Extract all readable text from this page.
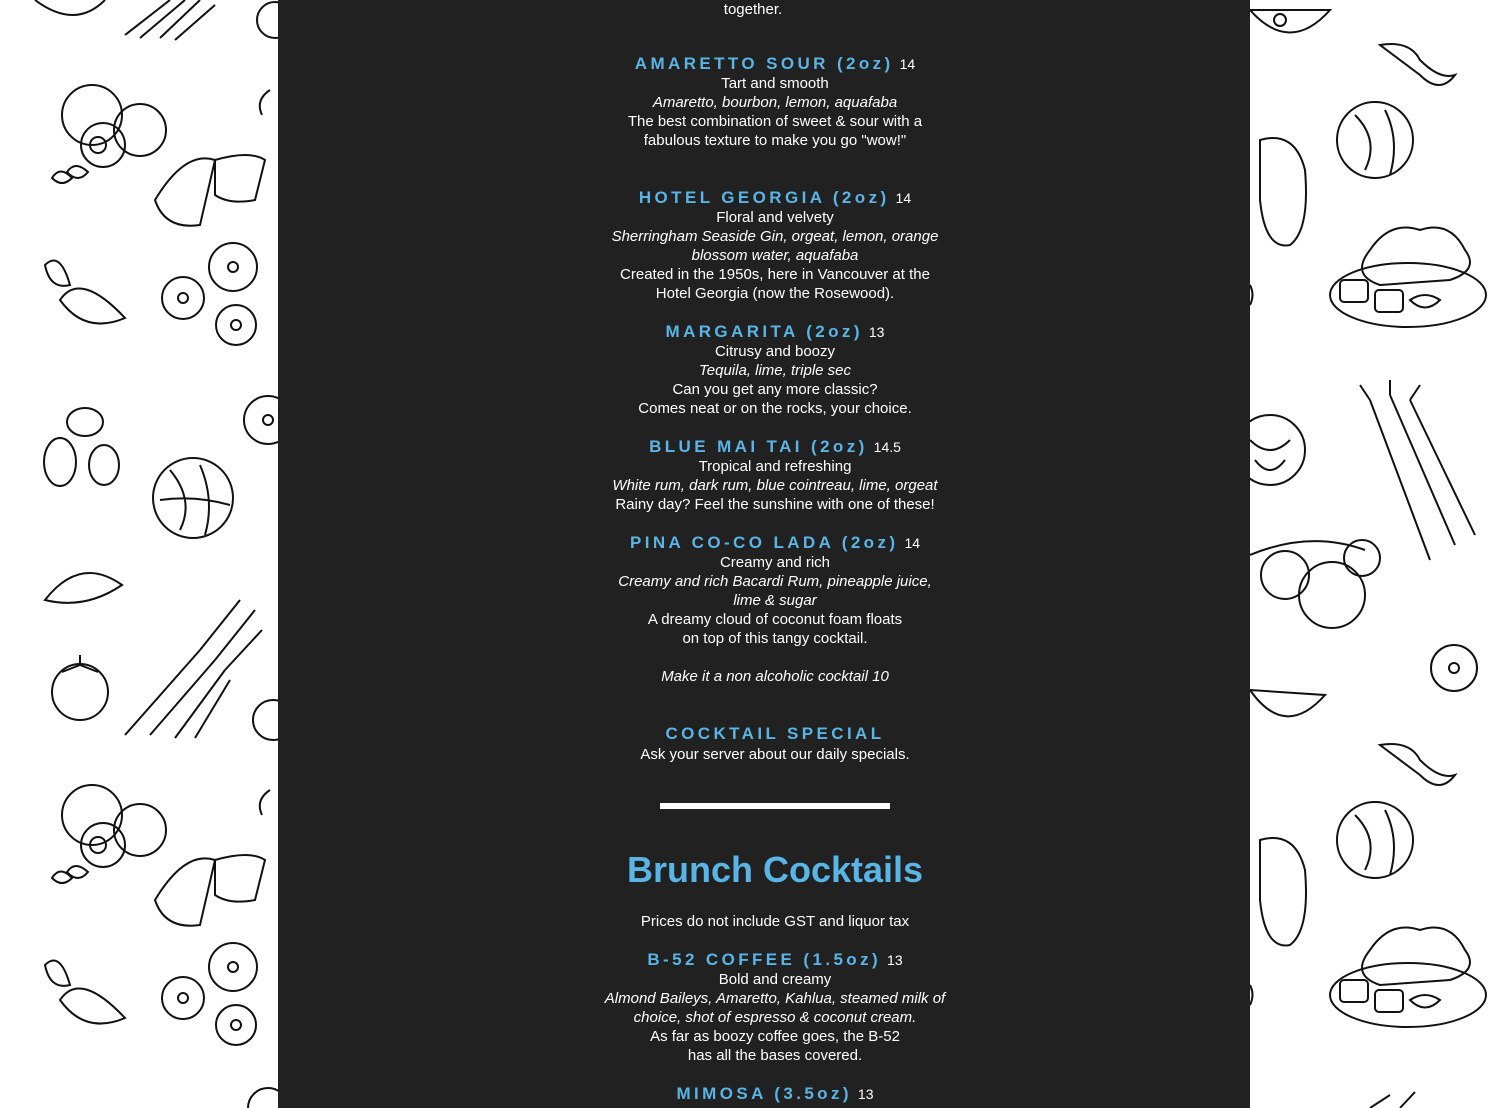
together.
AMARETTO SOUR (2oz) 14
Tart and smooth
Amaretto, bourbon, lemon, aquafaba
The best combination of sweet & sour with a
fabulous texture to make you go "wow!"
HOTEL GEORGIA (2oz) 14
Floral and velvety
Sherringham Seaside Gin, orgeat, lemon, orange
blossom water, aquafaba
Created in the 1950s, here in Vancouver at the
Hotel Georgia (now the Rosewood).
MARGARITA (2oz) 13
Citrusy and boozy
Tequila, lime, triple sec
Can you get any more classic?
Comes neat or on the rocks, your choice.
BLUE MAI TAI (2oz) 14.5
Tropical and refreshing
White rum, dark rum, blue cointreau, lime, orgeat
Rainy day? Feel the sunshine with one of these!
PINA CO-CO LADA (2oz) 14
Creamy and rich
Creamy and rich Bacardi Rum, pineapple juice,
lime & sugar
A dreamy cloud of coconut foam floats
on top of this tangy cocktail.
Make it a non alcoholic cocktail 10
COCKTAIL SPECIAL
Ask your server about our daily specials.
Brunch Cocktails
Prices do not include GST and liquor tax
B-52 COFFEE (1.5oz) 13
Bold and creamy
Almond Baileys, Amaretto, Kahlua, steamed milk of
choice, shot of espresso & coconut cream.
As far as boozy coffee goes, the B-52
has all the bases covered.
MIMOSA (3.5oz) 13
